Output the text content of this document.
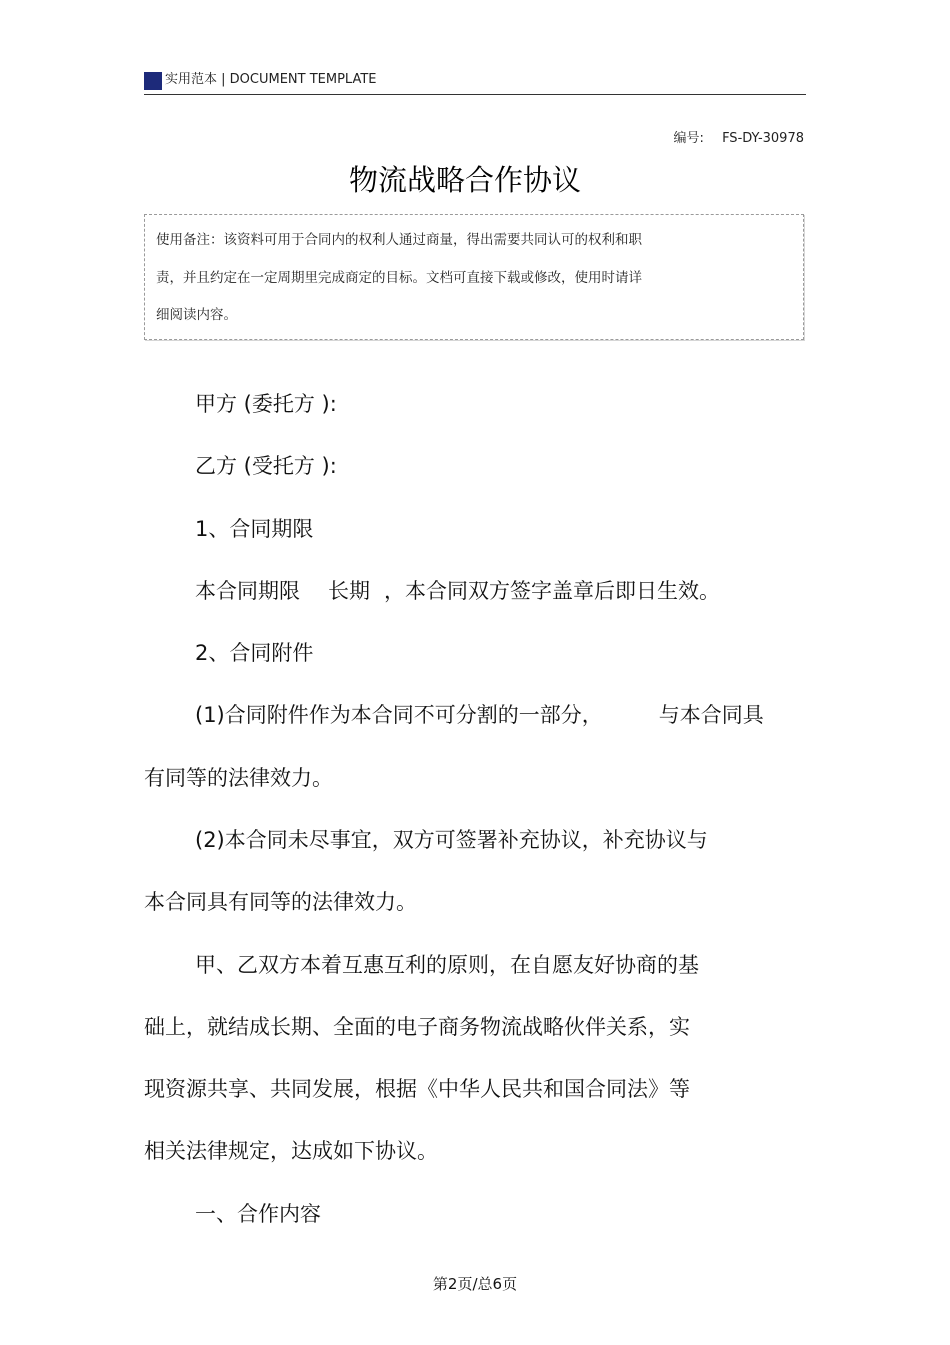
实用范本 | DOCUMENT TEMPLATE
编号: FS-DY-30978
物流战略合作协议
使用备注：该资料可用于合同内的权利人通过商量，得出需要共同认可的权利和职
责，并且约定在一定周期里完成商定的目标。文档可直接下载或修改，使用时请详
细阅读内容。
甲方 (委托方 ):
乙方 (受托方 ):
1、合同期限
本合同期限 长期 ，本合同双方签字盖章后即日生效。
2、合同附件
(1)合同附件作为本合同不可分割的一部分，	与本合同具
有同等的法律效力。
(2)本合同未尽事宜，双方可签署补充协议，补充协议与
本合同具有同等的法律效力。
甲、乙双方本着互惠互利的原则，在自愿友好协商的基
础上，就结成长期、全面的电子商务物流战略伙伴关系，实
现资源共享、共同发展，根据《中华人民共和国合同法》等
相关法律规定，达成如下协议。
一、合作内容
第2页/总6页
